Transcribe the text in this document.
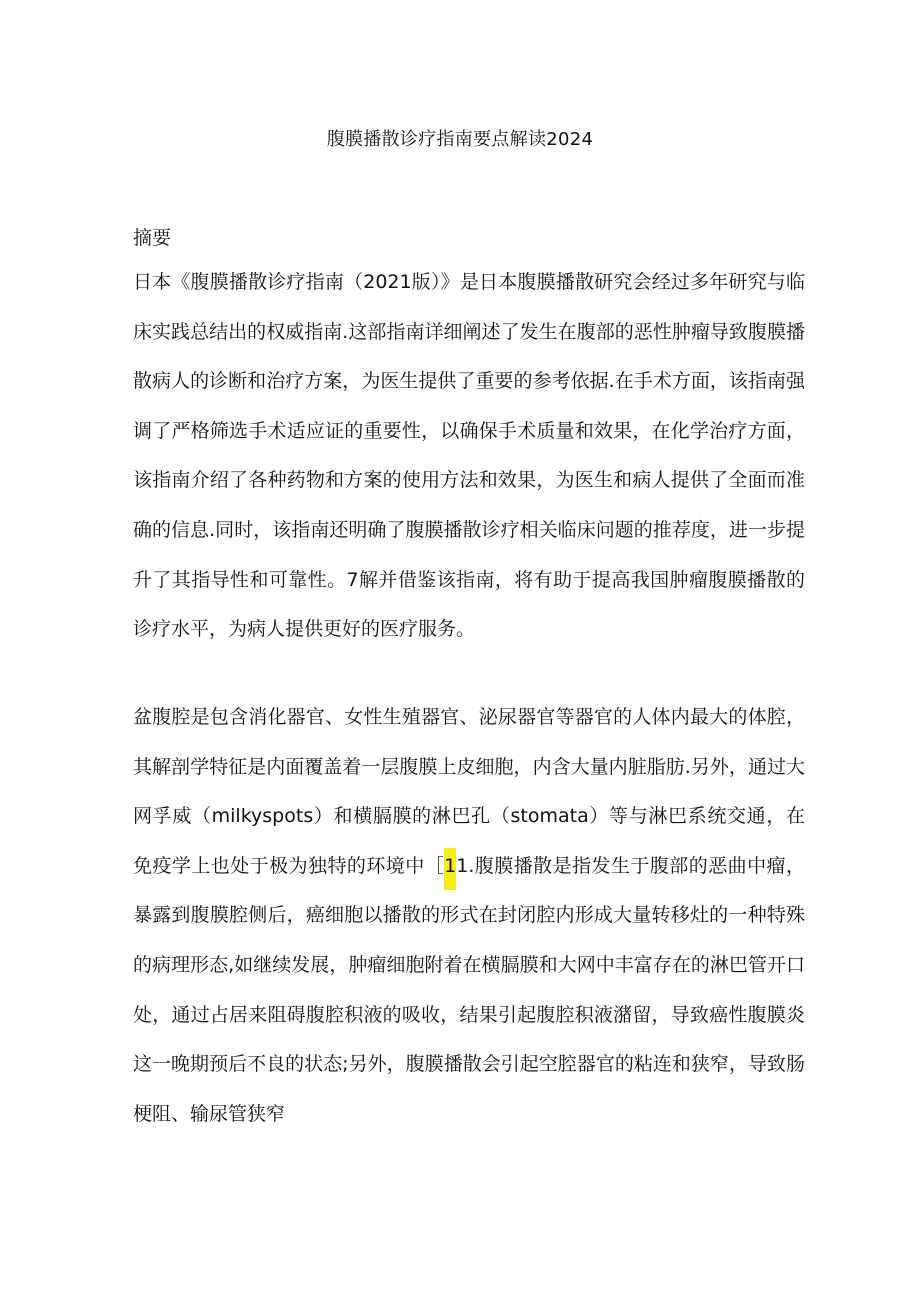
腹膜播散诊疗指南要点解读2024
摘要

日本《腹膜播散诊疗指南（2021版）》是日本腹膜播散研究会经过多年研究与临床实践总结出的权威指南.这部指南详细阐述了发生在腹部的恶性肿瘤导致腹膜播散病人的诊断和治疗方案，为医生提供了重要的参考依据.在手术方面，该指南强调了严格筛选手术适应证的重要性，以确保手术质量和效果，在化学治疗方面，该指南介绍了各种药物和方案的使用方法和效果，为医生和病人提供了全面而准确的信息.同时，该指南还明确了腹膜播散诊疗相关临床问题的推荐度，进一步提升了其指导性和可靠性。7解并借鉴该指南，将有助于提高我国肿瘤腹膜播散的诊疗水平，为病人提供更好的医疗服务。

盆腹腔是包含消化器官、女性生殖器官、泌尿器官等器官的人体内最大的体腔，其解剖学特征是内面覆盖着一层腹膜上皮细胞，内含大量内脏脂肪.另外，通过大网孚威（milkyspots）和横膈膜的淋巴孔（stomata）等与淋巴系统交通，在免疫学上也处于极为独特的环境中［11.腹膜播散是指发生于腹部的恶曲中瘤，暴露到腹膜腔侧后，癌细胞以播散的形式在封闭腔内形成大量转移灶的一种特殊的病理形态,如继续发展，肿瘤细胞附着在横膈膜和大网中丰富存在的淋巴管开口处，通过占居来阻碍腹腔积液的吸收，结果引起腹腔积液潴留，导致癌性腹膜炎这一晚期预后不良的状态;另外，腹膜播散会引起空腔器官的粘连和狭窄，导致肠梗阻、输尿管狭窄
